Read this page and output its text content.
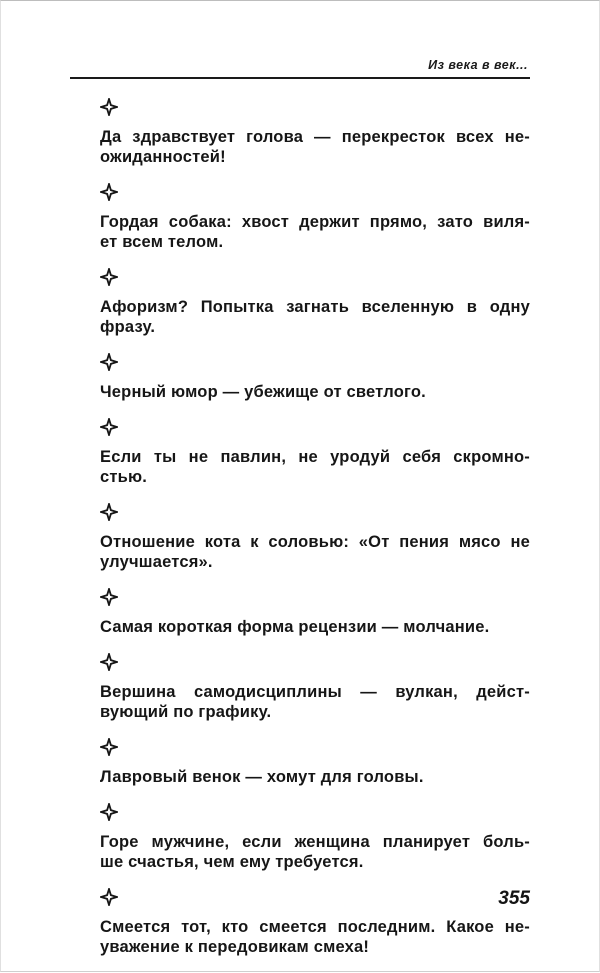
Из века в век...
Да здравствует голова — перекресток всех не-
ожиданностей!
Гордая собака: хвост держит прямо, зато виля-
ет всем телом.
Афоризм? Попытка загнать вселенную в одну
фразу.
Черный юмор — убежище от светлого.
Если ты не павлин, не уродуй себя скромно-
стью.
Отношение кота к соловью: «От пения мясо не
улучшается».
Самая короткая форма рецензии — молчание.
Вершина самодисциплины — вулкан, дейст-
вующий по графику.
Лавровый венок — хомут для головы.
Горе мужчине, если женщина планирует боль-
ше счастья, чем ему требуется.
Смеется тот, кто смеется последним. Какое не-
уважение к передовикам смеха!
355
